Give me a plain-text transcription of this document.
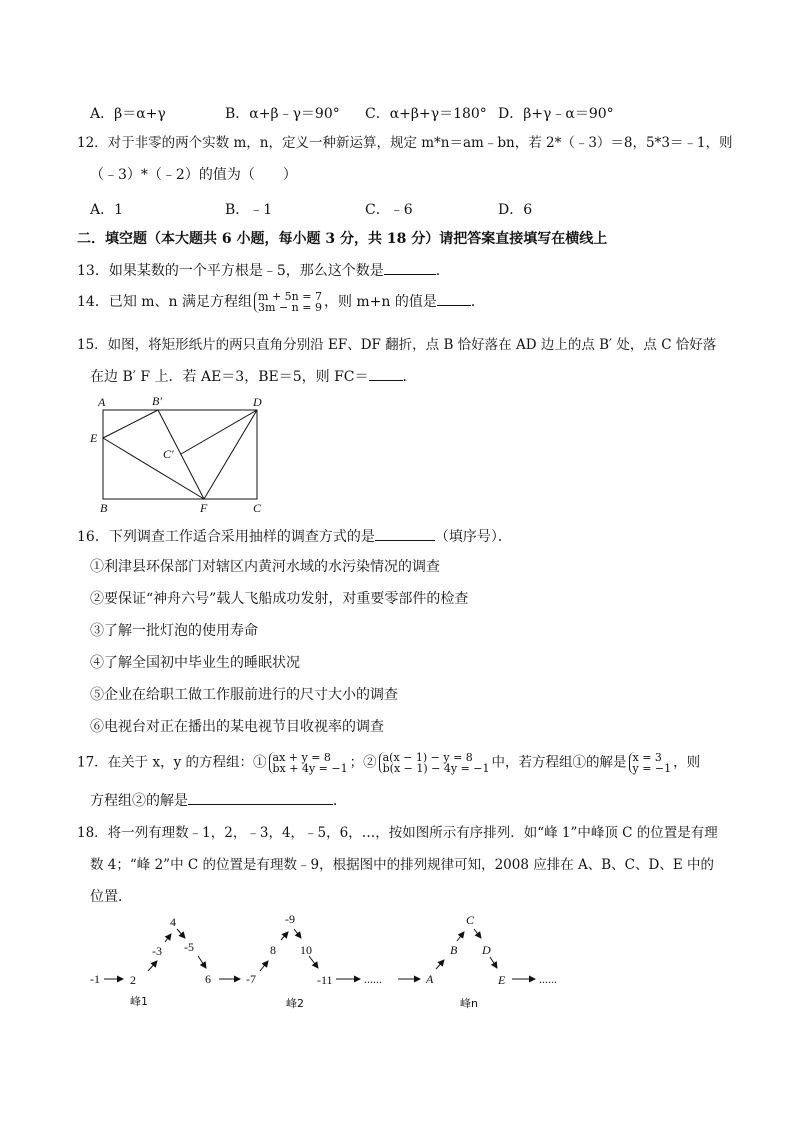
A．β＝α+γ	B．α+β﹣γ＝90° C．α+β+γ＝180° D．β+γ﹣α＝90°
12．对于非零的两个实数 m，n，定义一种新运算，规定 m*n＝am﹣bn，若 2*（﹣3）＝8，5*3＝﹣1，则
（﹣3）*（﹣2）的值为（　　）
A．1	B．﹣1	C．﹣6	D．6
二．填空题（本大题共 6 小题，每小题 3 分，共 18 分）请把答案直接填写在横线上
13．如果某数的一个平方根是﹣5，那么这个数是	．
14．已知 m、n 满足方程组 m + 5n = 7
3m − n = 9 ，则 m+n 的值是 ．
15．如图，将矩形纸片的两只直角分别沿 EF、DF 翻折，点 B 恰好落在 AD 边上的点 B′ 处，点 C 恰好落
在边 B′ F 上．若 AE＝3，BE＝5，则 FC＝ ．
A	B′	D
E
C′
B	F	C
16．下列调查工作适合采用抽样的调查方式的是	（填序号）．
①利津县环保部门对辖区内黄河水域的水污染情况的调查
②要保证“神舟六号”载人飞船成功发射，对重要零部件的检查
③了解一批灯泡的使用寿命
④了解全国初中毕业生的睡眠状况
⑤企业在给职工做工作服前进行的尺寸大小的调查
⑥电视台对正在播出的某电视节目收视率的调查
17．在关于 x，y 的方程组：① ax + y = 8
bx + 4y = −1 ；② a(x − 1) − y = 8
b(x − 1) − 4y = −1 中，若方程组①的解是 x = 3
y = −1 ，则
方程组②的解是	．
18．将一列有理数﹣1，2，﹣3，4，﹣5，6，…，按如图所示有序排列．如“峰 1”中峰顶 C 的位置是有理
数 4；“峰 2”中 C 的位置是有理数﹣9，根据图中的排列规律可知，2008 应排在 A、B、C、D、E 中的
位置．
-1	2
-3
4
-5
6
峰1
-7
8
-9
10
-11	......
峰2
A
B
C
D
E	......
峰n
